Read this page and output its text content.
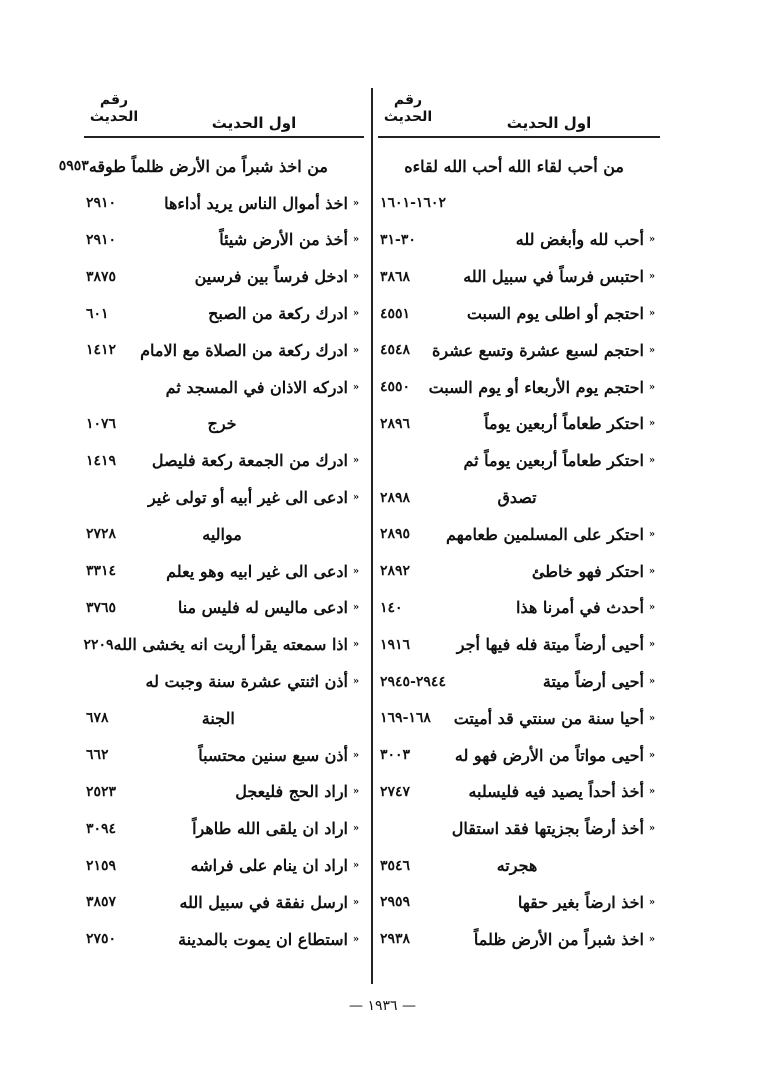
رقم
الحديث	اول الحديث
من أحب لقاء الله أحب الله لقاءه
١٦٠٢-١٦٠١
«
أحب لله وأبغض لله
٣٠-٣١
«
احتبس فرساً في سبيل الله
٣٨٦٨
«
احتجم أو اطلى يوم السبت
٤٥٥١
«
احتجم لسبع عشرة وتسع عشرة
٤٥٤٨
«
احتجم يوم الأربعاء أو يوم السبت
٤٥٥٠
«
احتكر طعاماً أربعين يوماً
٢٨٩٦
«
احتكر طعاماً أربعين يوماً ثم
تصدق
٢٨٩٨
«
احتكر على المسلمين طعامهم
٢٨٩٥
«
احتكر فهو خاطئ
٢٨٩٢
«
أحدث في أمرنا هذا
١٤٠
«
أحيى أرضاً ميتة فله فيها أجر
١٩١٦
«
أحيى أرضاً ميتة
٢٩٤٤-٢٩٤٥
«
أحيا سنة من سنتي قد أميتت
١٦٨-١٦٩
«
أحيى مواتاً من الأرض فهو له
٣٠٠٣
«
أخذ أحداً يصيد فيه فليسلبه
٢٧٤٧
«
أخذ أرضاً بجزيتها فقد استقال
هجرته
٣٥٤٦
«
اخذ ارضاً بغير حقها
٢٩٥٩
«
اخذ شبراً من الأرض ظلماً
٢٩٣٨
رقم
الحديث	اول الحديث
من اخذ شبراً من الأرض ظلماً طوقه
٥٩٥٣
«
اخذ أموال الناس يريد أداءها
٢٩١٠
«
أخذ من الأرض شيئاً
٢٩١٠
«
ادخل فرساً بين فرسين
٣٨٧٥
«
ادرك ركعة من الصبح
٦٠١
«
ادرك ركعة من الصلاة مع الامام
١٤١٢
«
ادركه الاذان في المسجد ثم
خرج
١٠٧٦
«
ادرك من الجمعة ركعة فليصل
١٤١٩
«
ادعى الى غير أبيه أو تولى غير
مواليه
٢٧٢٨
«
ادعى الى غير ابيه وهو يعلم
٣٣١٤
«
ادعى ماليس له فليس منا
٣٧٦٥
«
اذا سمعته يقرأ أريت انه يخشى الله
٢٢٠٩
«
أذن اثنتي عشرة سنة وجبت له
الجنة
٦٧٨
«
أذن سبع سنين محتسباً
٦٦٢
«
اراد الحج فليعجل
٢٥٢٣
«
اراد ان يلقى الله طاهراً
٣٠٩٤
«
اراد ان ينام على فراشه
٢١٥٩
«
ارسل نفقة في سبيل الله
٣٨٥٧
«
استطاع ان يموت بالمدينة
٢٧٥٠
— ١٩٣٦ —
